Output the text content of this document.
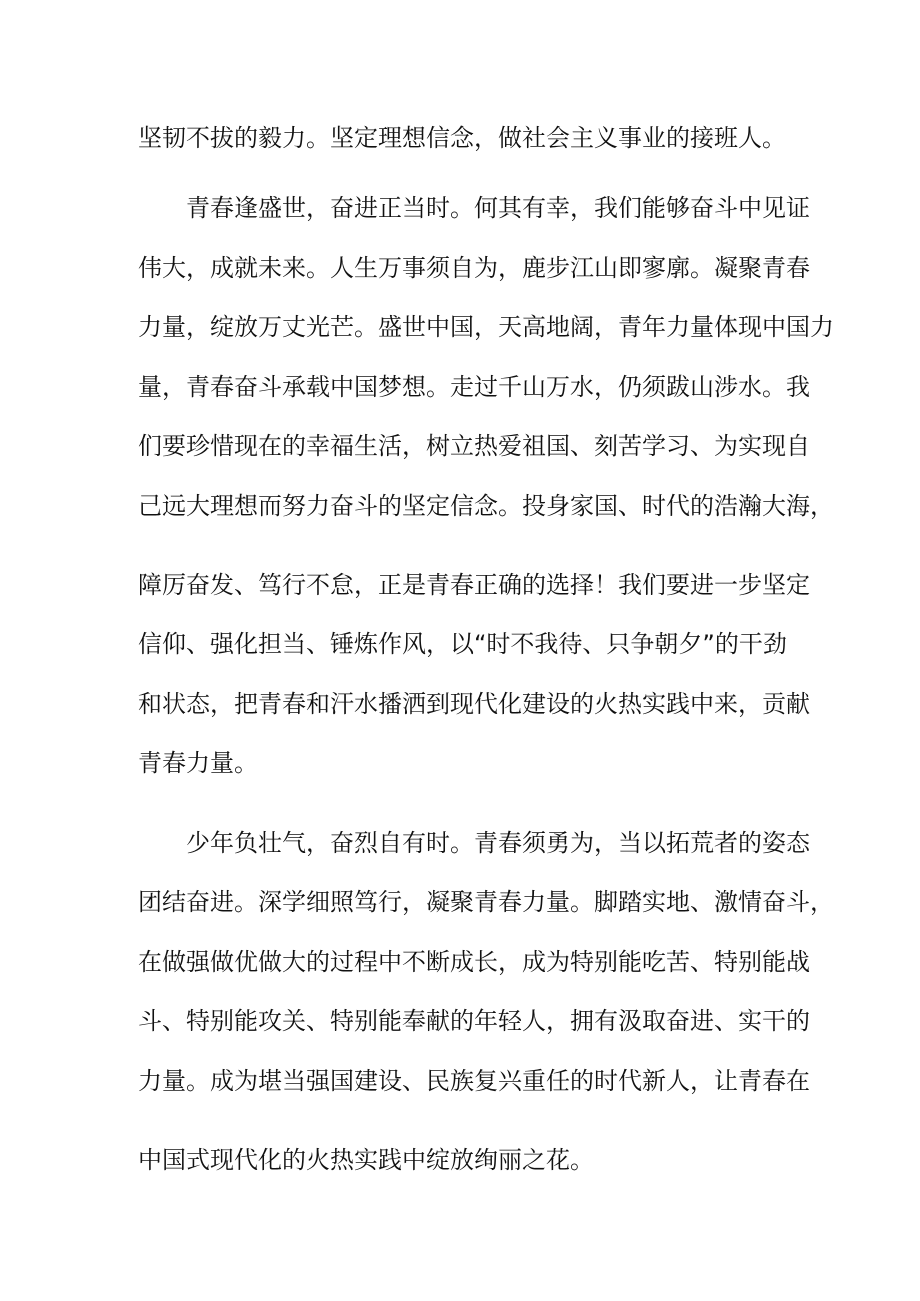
坚韧不拔的毅力。坚定理想信念，做社会主义事业的接班人。
青春逢盛世，奋进正当时。何其有幸，我们能够奋斗中见证
伟大，成就未来。人生万事须自为，鹿步江山即寥廓。凝聚青春
力量，绽放万丈光芒。盛世中国，天高地阔，青年力量体现中国力
量，青春奋斗承载中国梦想。走过千山万水，仍须跋山涉水。我
们要珍惜现在的幸福生活，树立热爱祖国、刻苦学习、为实现自
己远大理想而努力奋斗的坚定信念。投身家国、时代的浩瀚大海，
障厉奋发、笃行不怠，正是青春正确的选择！我们要进一步坚定
信仰、强化担当、锤炼作风，以“时不我待、只争朝夕”的干劲
和状态，把青春和汗水播洒到现代化建设的火热实践中来，贡献
青春力量。
少年负壮气，奋烈自有时。青春须勇为，当以拓荒者的姿态
团结奋进。深学细照笃行，凝聚青春力量。脚踏实地、激情奋斗，
在做强做优做大的过程中不断成长，成为特别能吃苦、特别能战
斗、特别能攻关、特别能奉献的年轻人，拥有汲取奋进、实干的
力量。成为堪当强国建设、民族复兴重任的时代新人，让青春在
中国式现代化的火热实践中绽放绚丽之花。
